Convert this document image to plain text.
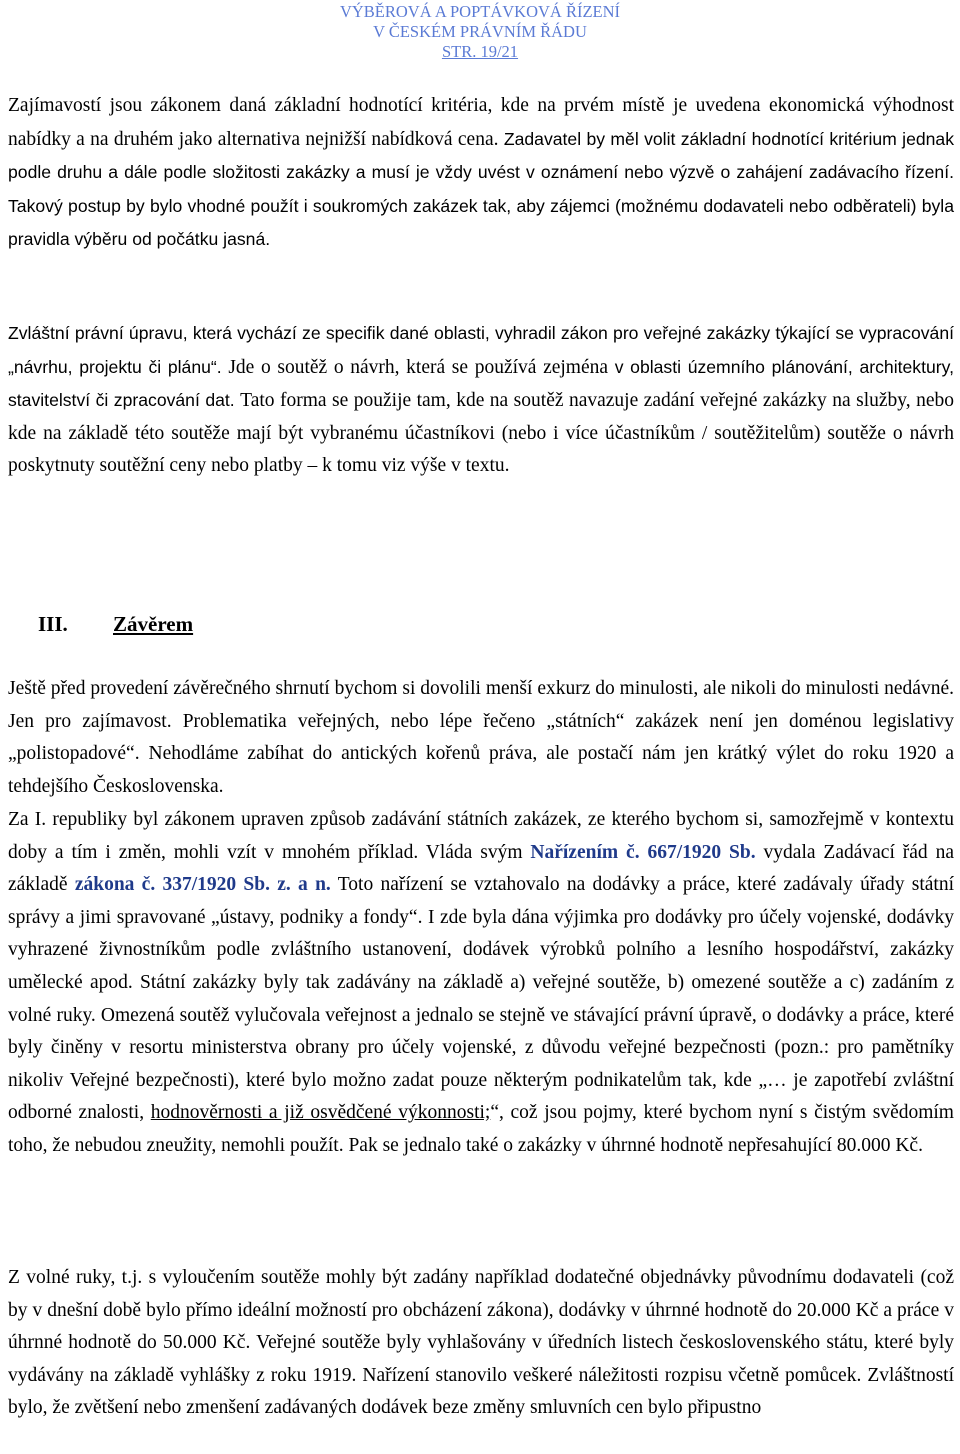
VÝBĚROVÁ A POPTÁVKOVÁ ŘÍZENÍ
V ČESKÉM PRÁVNÍM ŘÁDU
STR. 19/21

Zajímavostí jsou zákonem daná základní hodnotící kritéria, kde na prvém místě je uvedena ekonomická výhodnost nabídky a na druhém jako alternativa nejnižší nabídková cena. Zadavatel by měl volit základní hodnotící kritérium jednak podle druhu a dále podle složitosti zakázky a musí je vždy uvést v oznámení nebo výzvě o zahájení zadávacího řízení. Takový postup by bylo vhodné použít i soukromých zakázek tak, aby zájemci (možnému dodavateli nebo odběrateli) byla pravidla výběru od počátku jasná.

Zvláštní právní úpravu, která vychází ze specifik dané oblasti, vyhradil zákon pro veřejné zakázky týkající se vypracování „návrhu, projektu či plánu“. Jde o soutěž o návrh, která se používá zejména v oblasti územního plánování, architektury, stavitelství či zpracování dat. Tato forma se použije tam, kde na soutěž navazuje zadání veřejné zakázky na služby, nebo kde na základě této soutěže mají být vybranému účastníkovi (nebo i více účastníkům / soutěžitelům) soutěže o návrh poskytnuty soutěžní ceny nebo platby – k tomu viz výše v textu.

III. Závěrem

Ještě před provedení závěrečného shrnutí bychom si dovolili menší exkurz do minulosti, ale nikoli do minulosti nedávné. Jen pro zajímavost. Problematika veřejných, nebo lépe řečeno „státních“ zakázek není jen doménou legislativy „polistopadové“. Nehodláme zabíhat do antických kořenů práva, ale postačí nám jen krátký výlet do roku 1920 a tehdejšího Československa.

Za I. republiky byl zákonem upraven způsob zadávání státních zakázek, ze kterého bychom si, samozřejmě v kontextu doby a tím i změn, mohli vzít v mnohém příklad. Vláda svým Nařízením č. 667/1920 Sb. vydala Zadávací řád na základě zákona č. 337/1920 Sb. z. a n. Toto nařízení se vztahovalo na dodávky a práce, které zadávaly úřady státní správy a jimi spravované „ústavy, podniky a fondy“. I zde byla dána výjimka pro dodávky pro účely vojenské, dodávky vyhrazené živnostníkům podle zvláštního ustanovení, dodávek výrobků polního a lesního hospodářství, zakázky umělecké apod. Státní zakázky byly tak zadávány na základě a) veřejné soutěže, b) omezené soutěže a c) zadáním z volné ruky. Omezená soutěž vylučovala veřejnost a jednalo se stejně ve stávající právní úpravě, o dodávky a práce, které byly činěny v resortu ministerstva obrany pro účely vojenské, z důvodu veřejné bezpečnosti (pozn.: pro pamětníky nikoliv Veřejné bezpečnosti), které bylo možno zadat pouze některým podnikatelům tak, kde „… je zapotřebí zvláštní odborné znalosti, hodnověrnosti a již osvědčené výkonnosti;“, což jsou pojmy, které bychom nyní s čistým svědomím toho, že nebudou zneužity, nemohli použít. Pak se jednalo také o zakázky v úhrnné hodnotě nepřesahující 80.000 Kč.

Z volné ruky, t.j. s vyloučením soutěže mohly být zadány například dodatečné objednávky původnímu dodavateli (což by v dnešní době bylo přímo ideální možností pro obcházení zákona), dodávky v úhrnné hodnotě do 20.000 Kč a práce v úhrnné hodnotě do 50.000 Kč. Veřejné soutěže byly vyhlašovány v úředních listech československého státu, které byly vydávány na základě vyhlášky z roku 1919. Nařízení stanovilo veškeré náležitosti rozpisu včetně pomůcek. Zvláštností bylo, že zvětšení nebo zmenšení zadávaných dodávek beze změny smluvních cen bylo připustno
